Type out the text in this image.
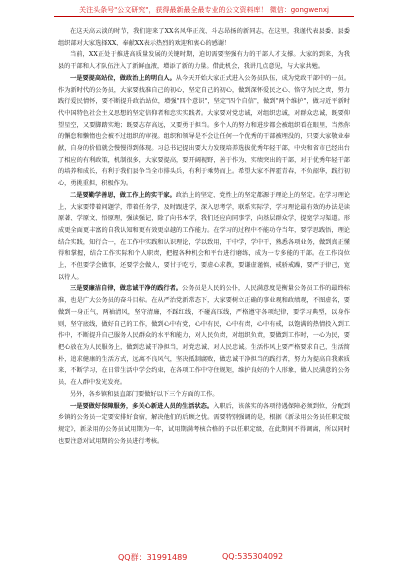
关注头条号"公文研究"，获得最新最全最专业的公文资料库！ 微信：gongwenxj

在这天高云淡的时节，我们迎来了XX名风华正茂、斗志昂扬的新同志，在这里，我谨代表县委、县委组织部对大家选择XX、奉献XX表示热烈的欢迎和衷心的感谢！

当前，XX正处于推进高质量发展的关键时期，迫切需要坚强有力的干部人才支撑。大家的到来，为我县的干部和人才队伍注入了新鲜血液，增添了新的力量。借此机会，我讲几点意见，与大家共勉。

一是要提高站位，做政治上的明白人。从今天开始大家正式进入公务员队伍，成为党政干部中的一员。作为新时代的公务员，大家要找准自己的初心，坚定自己的初心，做到深怀爱民之心、恪守为民之责，努力践行爱民情怀，要不断提升政治站位，增强"四个意识"，坚定"四个自信"，做到"两个维护"，做习近平新时代中国特色社会主义思想的坚定信仰者和忠实实践者。大家要对党忠诚，对组织忠诚，对群众忠诚，既要仰望星空，又要脚踏实地；既要志存高远，又要勇于担当。多个人的努力和进步都会被组织看在眼里，当然你的懈怠和懒惰也会被不过组织的审视。组织和领导是不会让任何一个优秀的干部被埋没的，只要大家敬业奉献，自身的价值就会慢慢得到体现。习总书记提出要大力发现培养选拔优秀年轻干部，中央和省市已经出台了相应的有利政策，机制很多，大家要提高，要开阔视野，善于作为、实绩突出的干部，对于优秀年轻干部的培养和成长，有利于我们县争当全市排头兵，有利于乘势而上。希望大家不挥霍青春，不负韶华，践行初心，勇挑重担，积极作为。

二是要勤学善思，做工作上的实干家。政治上的坚定、党性上的坚定都源于理论上的坚定。在学习理论上，大家要带着问题学，带着任务学，及时跟进学，深入思考学，联系实际学，学习理论最有效的办法是读原著、学原文、悟原理，强读强记，除了向书本学，我们还应向同事学，向基层群众学，提宽学习渠道。形成更全面更丰富的自我认知和更有效更卓越的工作能力。在学习的过程中不能功夺当年，要学思践悟，理论结合实践，知行合一，在工作中实践和认识理论，学以致用，干中学，学中干，熟悉各项业务，做到真正懂得和掌握，结合工作实际和个人职责，把握各种机会和平台进行磨练，成为一专多能的干部。在工作岗位上，不但要学会做事，还要学会做人，要甘于吃亏，要虚心求教，要谦虚谨慎，戒骄戒躁，要严于律己，宽以待人。

三是要廉洁自律，做忠诚干净的践行者。公务员是人民的公仆，人民满意度是衡量公务员工作的最终标准，也是广大公务员的奋斗目标。在从严治党新常态下，大家要树立正确的事业观和政绩观，不图虚名，要做到一身正气，两袖清风，坚守清廉，不踩红线，不碰高压线，严格遵守各项纪律，要学习典型，以身作则，坚守底线，做好自己的工作，做到心中有党，心中有民，心中有责，心中有戒，以饱满的热情投入到工作中，不断提升自己服务人民群众的水平和能力，对人民负责，对组织负责，要做到工作时，一心为民，要把心放在为人民服务上，做到忠诚干净担当，对党忠诚、对人民忠诚。生活作风上要严格要求自己，生活简朴，追求健康的生活方式，远离不良风气，坚决抵制腐败，做忠诚干净担当的践行者，努力为提高自我素质来，不断学习，在日常生活中学会约束，在各项工作中守住规矩，维护良好的个人形象，做人民满意的公务员，在人群中发光发亮。

另外，各乡镇和县直部门要做好以下三个方面的工作。

一是要做好保障服务，多关心新进人员的生活状态。入职后，该落实的各项待遇保障必须到位，分配到乡镇的公务员一定要安排好食宿，解决他们的后顾之忧。需要特别强调的是，根据《新录用公务员任职定级规定》，新录用的公务员试用期为一年，试用期满考核合格的予以任职定级，在此期间不得调离，所以同时也要注意对试用期的公务员进行考核。

QQ群：31991489	QQ:535304092
